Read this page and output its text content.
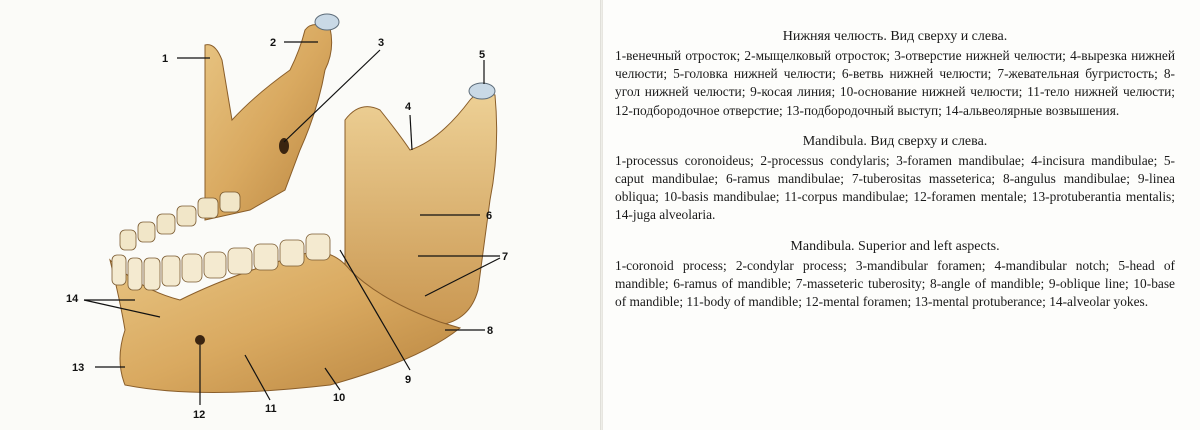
1
2	3
4
5
6
7
8
9
10
11
12
13
14
Нижняя челюсть. Вид сверху и слева.

1-венечный отросток; 2-мыщелковый отросток; 3-отверстие нижней челюсти; 4-вырезка нижней челюсти; 5-головка нижней челюсти; 6-ветвь нижней челюсти; 7-жевательная бугристость; 8-угол нижней челюсти; 9-косая линия; 10-основание нижней челюсти; 11-тело нижней челюсти; 12-подбородочное отверстие; 13-подбородочный выступ; 14-альвеолярные возвышения.

Mandibula. Вид сверху и слева.

1-processus coronoideus; 2-processus condylaris; 3-foramen mandibulae; 4-incisura mandibulae; 5-caput mandibulae; 6-ramus mandibulae; 7-tuberositas masseterica; 8-angulus mandibulae; 9-linea obliqua; 10-basis mandibulae; 11-corpus mandibulae; 12-foramen mentale; 13-protuberantia mentalis; 14-juga alveolaria.

Mandibula. Superior and left aspects.

1-coronoid process; 2-condylar process; 3-mandibular foramen; 4-mandibular notch; 5-head of mandible; 6-ramus of mandible; 7-masseteric tuberosity; 8-angle of mandible; 9-oblique line; 10-base of mandible; 11-body of mandible; 12-mental foramen; 13-mental protuberance; 14-alveolar yokes.
